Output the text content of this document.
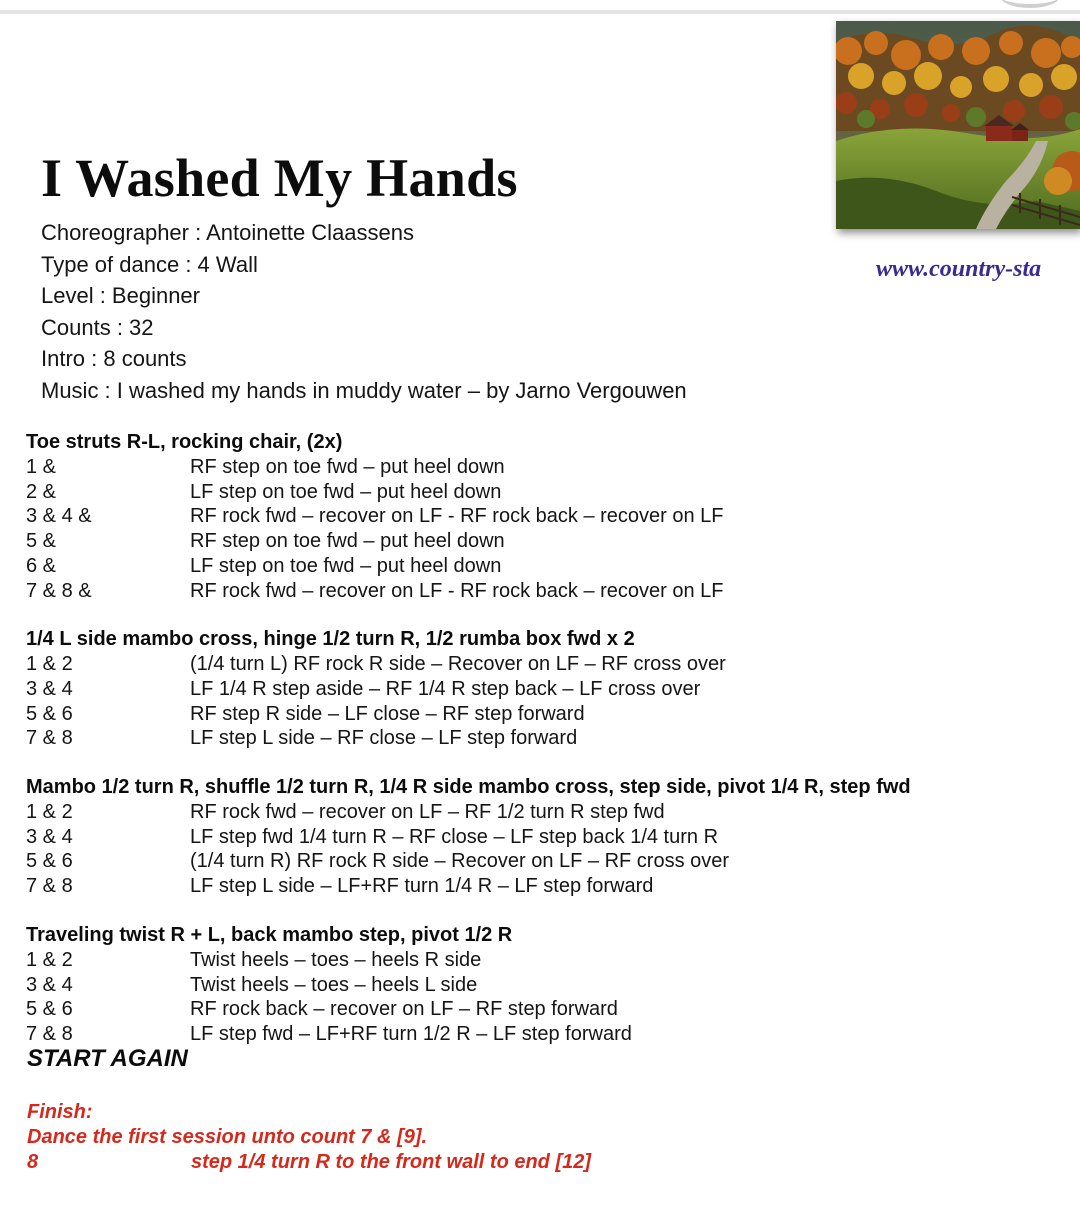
www.country-sta
I Washed My Hands
Choreographer : Antoinette Claassens
Type of dance : 4 Wall
Level : Beginner
Counts : 32
Intro : 8 counts
Music : I washed my hands in muddy water – by Jarno Vergouwen
Toe struts R-L, rocking chair, (2x)
1 &	RF step on toe fwd – put heel down
2 &	LF step on toe fwd – put heel down
3 & 4 &	RF rock fwd – recover on LF - RF rock back – recover on LF
5 &	RF step on toe fwd – put heel down
6 &	LF step on toe fwd – put heel down
7 & 8 &	RF rock fwd – recover on LF - RF rock back – recover on LF
1/4 L side mambo cross, hinge 1/2 turn R, 1/2 rumba box fwd x 2
1 & 2	(1/4 turn L) RF rock R side – Recover on LF – RF cross over
3 & 4	LF 1/4 R step aside – RF 1/4 R step back – LF cross over
5 & 6	RF step R side – LF close – RF step forward
7 & 8	LF step L side – RF close – LF step forward
Mambo 1/2 turn R, shuffle 1/2 turn R, 1/4 R side mambo cross, step side, pivot 1/4 R, step fwd
1 & 2	RF rock fwd – recover on LF – RF 1/2 turn R step fwd
3 & 4	LF step fwd 1/4 turn R – RF close – LF step back 1/4 turn R
5 & 6	(1/4 turn R) RF rock R side – Recover on LF – RF cross over
7 & 8	LF step L side – LF+RF turn 1/4 R – LF step forward
Traveling twist R + L, back mambo step, pivot 1/2 R
1 & 2	Twist heels – toes – heels R side
3 & 4	Twist heels – toes – heels L side
5 & 6	RF rock back – recover on LF – RF step forward
7 & 8	LF step fwd – LF+RF turn 1/2 R – LF step forward
START AGAIN
Finish:
Dance the first session unto count 7 & [9].
8	step 1/4 turn R to the front wall to end [12]
